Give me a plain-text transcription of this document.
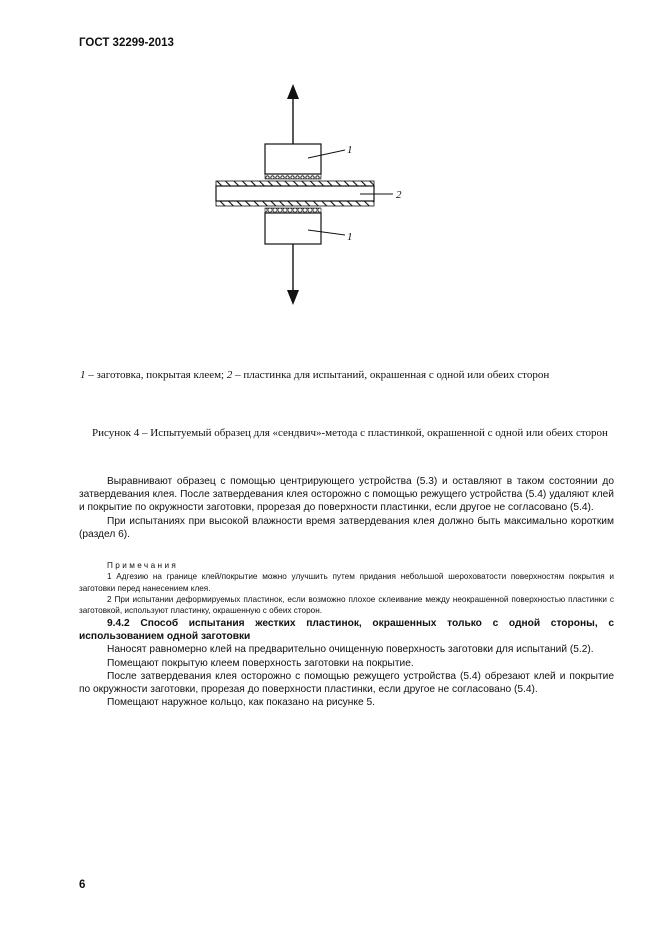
ГОСТ 32299-2013
1
2
1
1 – заготовка, покрытая клеем; 2 – пластинка для испытаний, окрашенная с одной или обеих сторон
Рисунок 4 – Испытуемый образец для «сендвич»-метода с пластинкой, окрашенной с одной или обеих сторон

Выравнивают образец с помощью центрирующего устройства (5.3) и оставляют в таком состоянии до затвердевания клея. После затвердевания клея осторожно с помощью режущего устройства (5.4) удаляют клей и покрытие по окружности заготовки, прорезая до поверхности пластинки, если другое не согласовано (5.4).

При испытаниях при высокой влажности время затвердевания клея должно быть максимально коротким (раздел 6).

Примечания

1 Адгезию на границе клей/покрытие можно улучшить путем придания небольшой шероховатости поверхностям покрытия и заготовки перед нанесением клея.

2 При испытании деформируемых пластинок, если возможно плохое склеивание между неокрашенной поверхностью пластинки с заготовкой, используют пластинку, окрашенную с обеих сторон.

9.4.2 Способ испытания жестких пластинок, окрашенных только с одной стороны, с использованием одной заготовки

Наносят равномерно клей на предварительно очищенную поверхность заготовки для испытаний (5.2).

Помещают покрытую клеем поверхность заготовки на покрытие.

После затвердевания клея осторожно с помощью режущего устройства (5.4) обрезают клей и покрытие по окружности заготовки, прорезая до поверхности пластинки, если другое не согласовано (5.4).

Помещают наружное кольцо, как показано на рисунке 5.

6
